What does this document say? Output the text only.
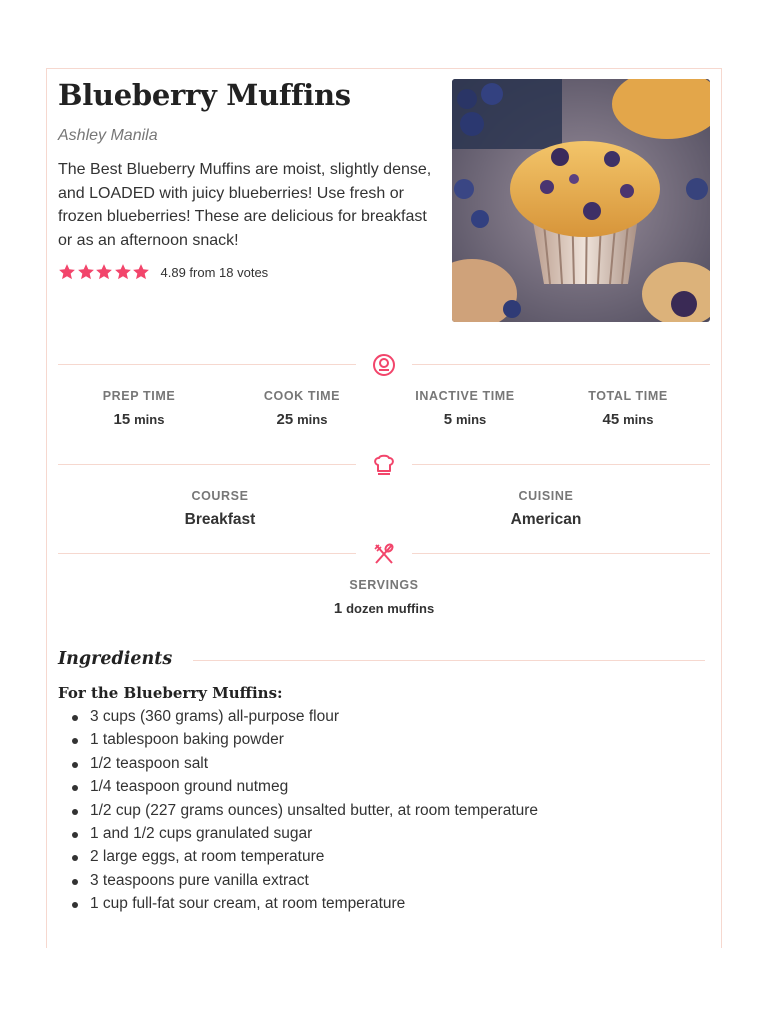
Blueberry Muffins
Ashley Manila

The Best Blueberry Muffins are moist, slightly dense, and LOADED with juicy blueberries! Use fresh or frozen blueberries! These are delicious for breakfast or as an afternoon snack!

4.89 from 18 votes
PREP TIME
15 mins
COOK TIME
25 mins
INACTIVE TIME
5 mins
TOTAL TIME
45 mins
COURSE
Breakfast
CUISINE
American
SERVINGS
1 dozen muffins
Ingredients
For the Blueberry Muffins:
3 cups (360 grams) all-purpose flour
1 tablespoon baking powder
1/2 teaspoon salt
1/4 teaspoon ground nutmeg
1/2 cup (227 grams ounces) unsalted butter, at room temperature
1 and 1/2 cups granulated sugar
2 large eggs, at room temperature
3 teaspoons pure vanilla extract
1 cup full-fat sour cream, at room temperature
